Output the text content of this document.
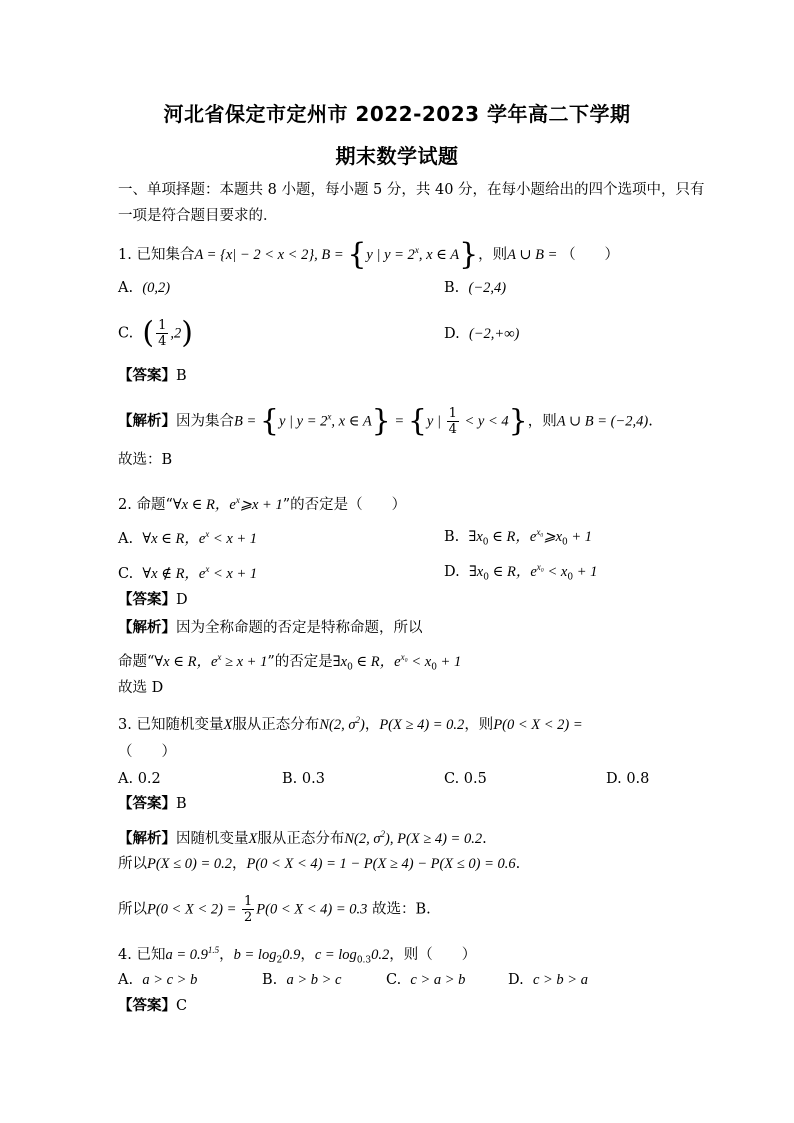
河北省保定市定州市 2022-2023 学年高二下学期
期末数学试题
一、单项择题：本题共 8 小题，每小题 5 分，共 40 分，在每小题给出的四个选项中，只有
一项是符合题目要求的．
1. 已知集合A = {x| − 2 < x < 2}, B = {y | $y = 2^x$, x ∈ A}，则A ∪ B = （　　）
A. (0,2)	B. (−2,4)
C. ( $\frac{1}{4} ,2$)	D. (−2,+∞)
【答案】B
【解析】因为集合B = {y | $y = 2^x$, x ∈ A} = {y | $\frac{1}{4} < y < 4$}，则A ∪ B = (−2,4).
故选：B
2. 命题“∀x ∈ R，$e^x⩾x + 1$”的否定是（　　）
A. ∀x ∈ R，$e^x < x + 1$	B. $\exists x_0$ ∈ R，$e^{x_0}⩾x_0 + 1$
C. ∀x ∉ R，$e^x < x + 1$	D. $\exists x_0$ ∈ R，$e^{x_0} < x_0 + 1$
【答案】D
【解析】因为全称命题的否定是特称命题，所以
命题“∀x ∈ R，$e^x \ge x + 1$”的否定是$\exists x_0$ ∈ R，$e^{x_0} < x_0 + 1$
故选 D
3. 已知随机变量X服从正态分布N(2, $\sigma^2$)，P(X ≥ 4) = 0.2，则P(0 < X < 2) =
（　　）
A. 0.2	B. 0.3	C. 0.5	D. 0.8
【答案】B
【解析】因随机变量X服从正态分布N(2, $\sigma^2$), P(X ≥ 4) = 0.2.
所以P(X ≤ 0) = 0.2，P(0 < X < 4) = 1 − P(X ≥ 4) − P(X ≤ 0) = 0.6.
所以$P(0 < X < 2) = \frac{1}{2} P(0 < X < 4) = 0.3$ 故选：B.
4. 已知$a = 0.9^{1.5}$，$b = \log_20.9$，$c = \log_{0.3}0.2$，则（　　）
A. a > c > b	B. a > b > c	C. c > a > b	D. c > b > a
【答案】C
